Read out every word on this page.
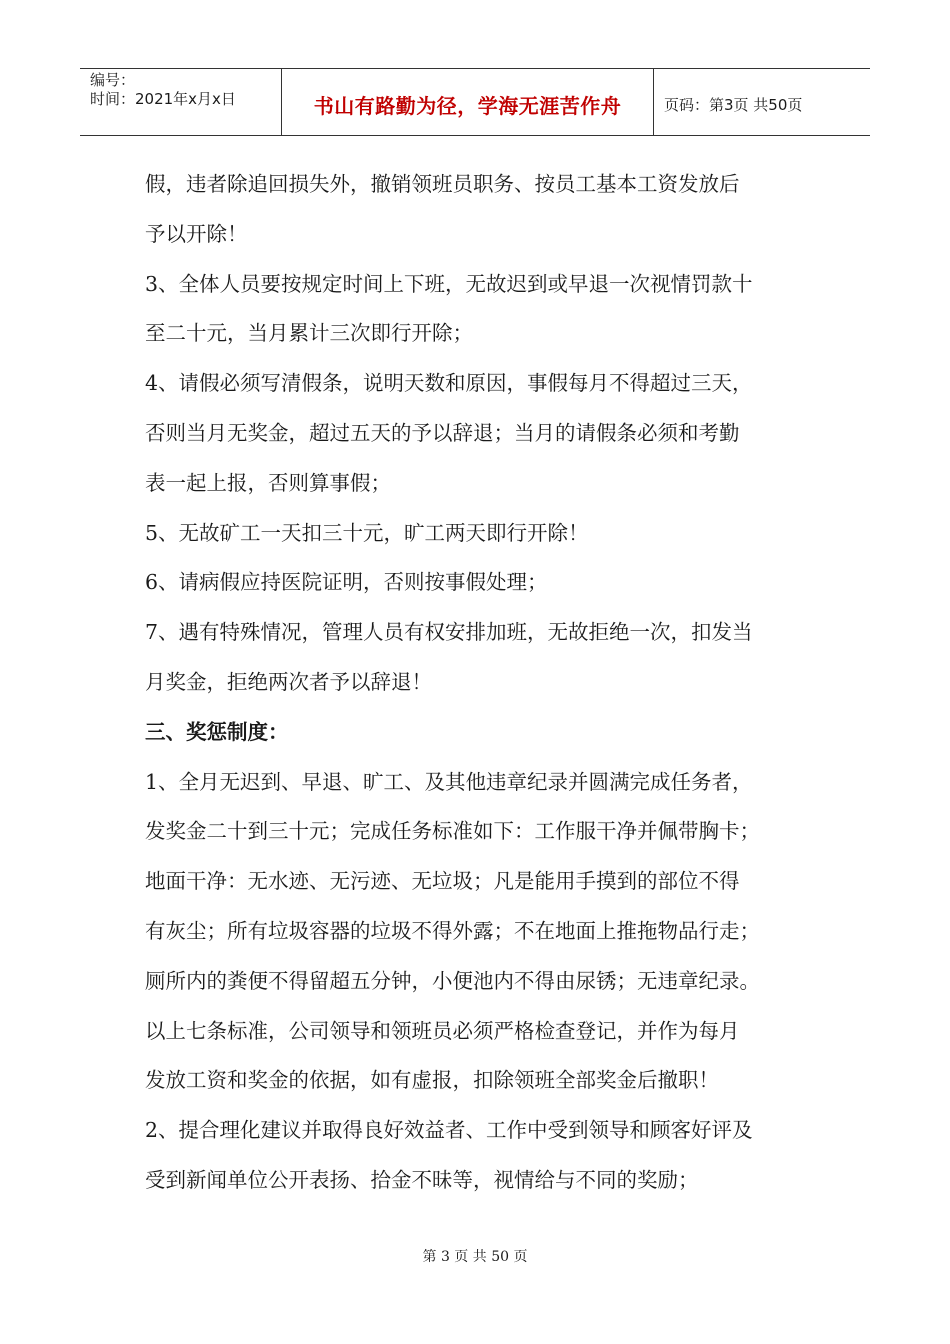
编号：
时间：2021年x月x日	书山有路勤为径，学海无涯苦作舟	页码：第3页 共50页
假，违者除追回损失外，撤销领班员职务、按员工基本工资发放后
予以开除！
3、全体人员要按规定时间上下班，无故迟到或早退一次视情罚款十
至二十元，当月累计三次即行开除；
4、请假必须写清假条，说明天数和原因，事假每月不得超过三天，
否则当月无奖金，超过五天的予以辞退；当月的请假条必须和考勤
表一起上报，否则算事假；
5、无故矿工一天扣三十元，旷工两天即行开除！
6、请病假应持医院证明，否则按事假处理；
7、遇有特殊情况，管理人员有权安排加班，无故拒绝一次，扣发当
月奖金，拒绝两次者予以辞退！
三、奖惩制度：
1、全月无迟到、早退、旷工、及其他违章纪录并圆满完成任务者，
发奖金二十到三十元；完成任务标准如下：工作服干净并佩带胸卡；
地面干净：无水迹、无污迹、无垃圾；凡是能用手摸到的部位不得
有灰尘；所有垃圾容器的垃圾不得外露；不在地面上推拖物品行走；
厕所内的粪便不得留超五分钟，小便池内不得由尿锈；无违章纪录。
以上七条标准，公司领导和领班员必须严格检查登记，并作为每月
发放工资和奖金的依据，如有虚报，扣除领班全部奖金后撤职！
2、提合理化建议并取得良好效益者、工作中受到领导和顾客好评及
受到新闻单位公开表扬、拾金不昧等，视情给与不同的奖励；
第 3 页 共 50 页
